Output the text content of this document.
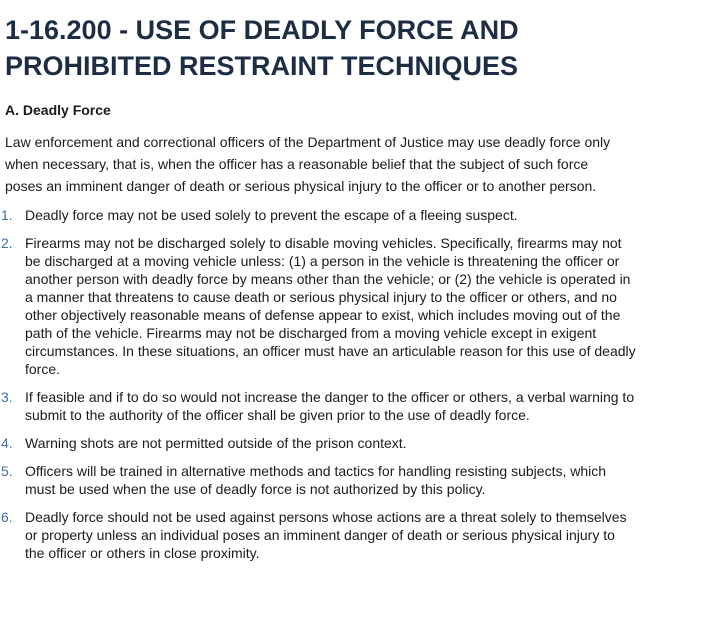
1-16.200 - USE OF DEADLY FORCE AND
PROHIBITED RESTRAINT TECHNIQUES
A. Deadly Force

Law enforcement and correctional officers of the Department of Justice may use deadly force only when necessary, that is, when the officer has a reasonable belief that the subject of such force poses an imminent danger of death or serious physical injury to the officer or to another person.

1. Deadly force may not be used solely to prevent the escape of a fleeing suspect.
2. Firearms may not be discharged solely to disable moving vehicles. Specifically, firearms may not be discharged at a moving vehicle unless: (1) a person in the vehicle is threatening the officer or another person with deadly force by means other than the vehicle; or (2) the vehicle is operated in a manner that threatens to cause death or serious physical injury to the officer or others, and no other objectively reasonable means of defense appear to exist, which includes moving out of the path of the vehicle. Firearms may not be discharged from a moving vehicle except in exigent circumstances. In these situations, an officer must have an articulable reason for this use of deadly force.
3. If feasible and if to do so would not increase the danger to the officer or others, a verbal warning to submit to the authority of the officer shall be given prior to the use of deadly force.
4. Warning shots are not permitted outside of the prison context.
5. Officers will be trained in alternative methods and tactics for handling resisting subjects, which must be used when the use of deadly force is not authorized by this policy.
6. Deadly force should not be used against persons whose actions are a threat solely to themselves or property unless an individual poses an imminent danger of death or serious physical injury to the officer or others in close proximity.
